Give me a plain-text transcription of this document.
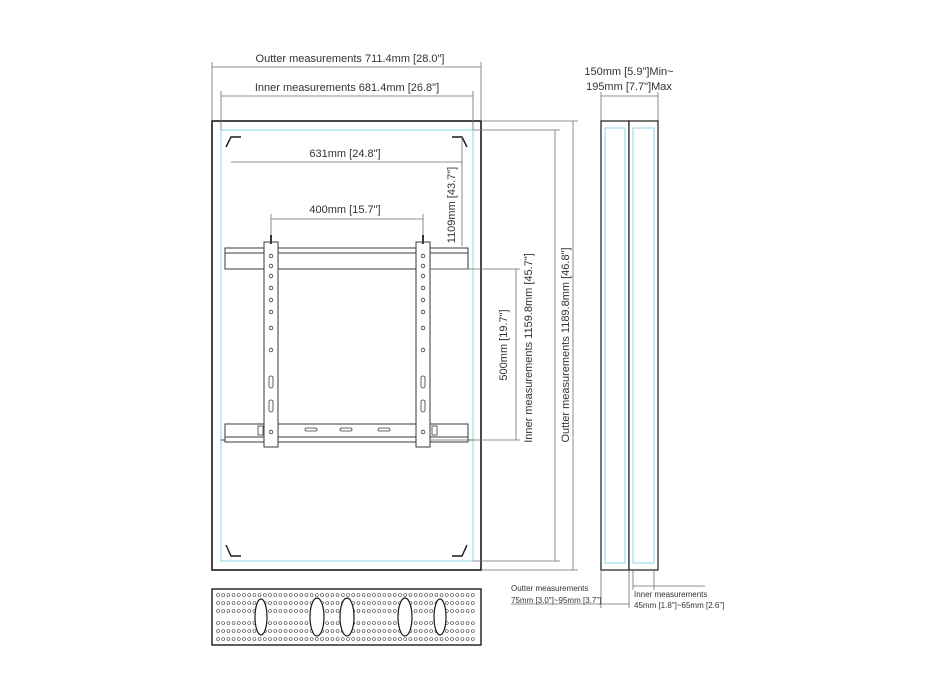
Outter measurements 711.4mm [28.0"]
Inner measurements 681.4mm [26.8"]
631mm [24.8"]
1109mm [43.7"]
400mm [15.7"]
500mm [19.7"] Inner measurements 1159.8mm [45.7"] Outter measurements 1189.8mm [46.8"]
150mm [5.9"]Min~
195mm [7.7"]Max
Outter measurements
75mm [3.0"]~95mm [3.7"]
Inner measurements
45mm [1.8"]~65mm [2.6"]
